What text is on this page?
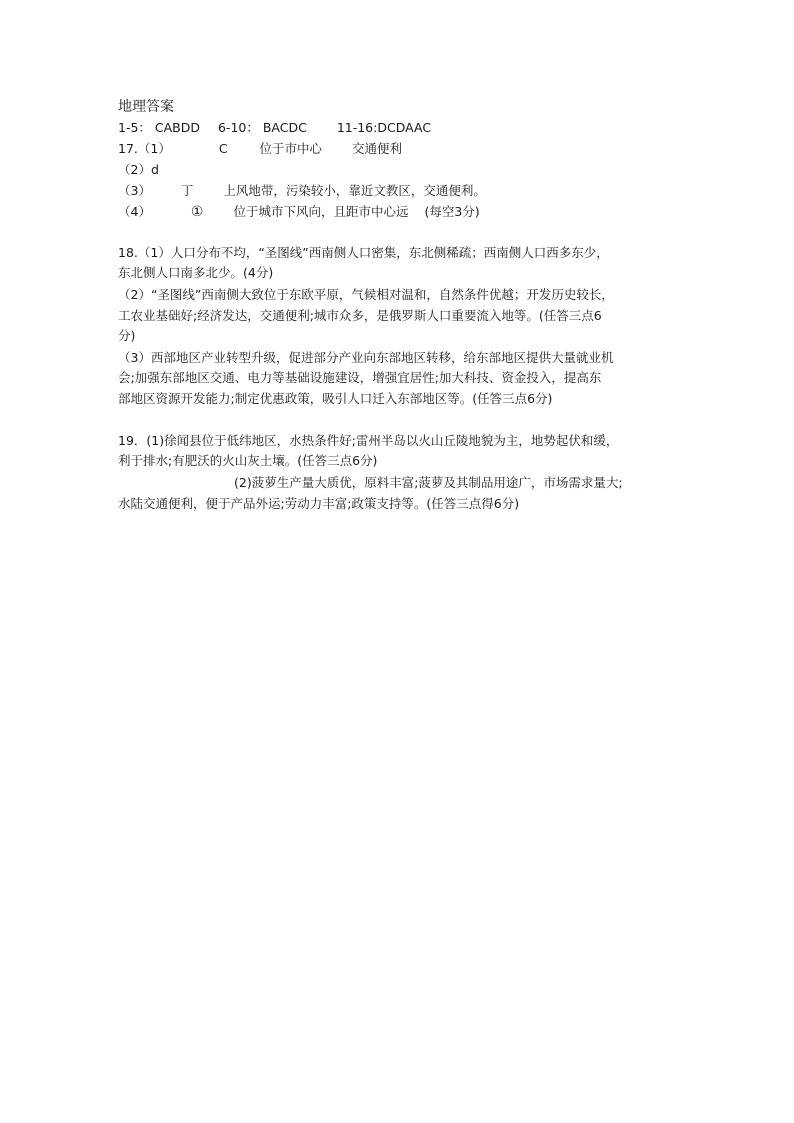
地理答案
1-5： CABDD 6-10： BACDC 11-16:DCDAAC
17.（1）	C	位于市中心 交通便利
（2）d
（3） 丁 上风地带，污染较小，靠近文教区，交通便利。
（4）	① 位于城市下风向，且距市中心远 (每空3分)
18.（1）人口分布不均，“圣图线”西南侧人口密集，东北侧稀疏；西南侧人口西多东少，
东北侧人口南多北少。(4分)
（2）“圣图线”西南侧大致位于东欧平原，气候相对温和，自然条件优越；开发历史较长，
工农业基础好;经济发达，交通便利;城市众多，是俄罗斯人口重要流入地等。(任答三点6
分)
（3）西部地区产业转型升级，促进部分产业向东部地区转移，给东部地区提供大量就业机
会;加强东部地区交通、电力等基础设施建设，增强宜居性;加大科技、资金投入，提高东
部地区资源开发能力;制定优惠政策，吸引人口迁入东部地区等。(任答三点6分)
19．(1)徐闻县位于低纬地区，水热条件好;雷州半岛以火山丘陵地貌为主，地势起伏和缓，
利于排水;有肥沃的火山灰土壤。(任答三点6分)
(2)菠萝生产量大质优，原料丰富;菠萝及其制品用途广，市场需求量大;
水陆交通便利，便于产品外运;劳动力丰富;政策支持等。(任答三点得6分)
